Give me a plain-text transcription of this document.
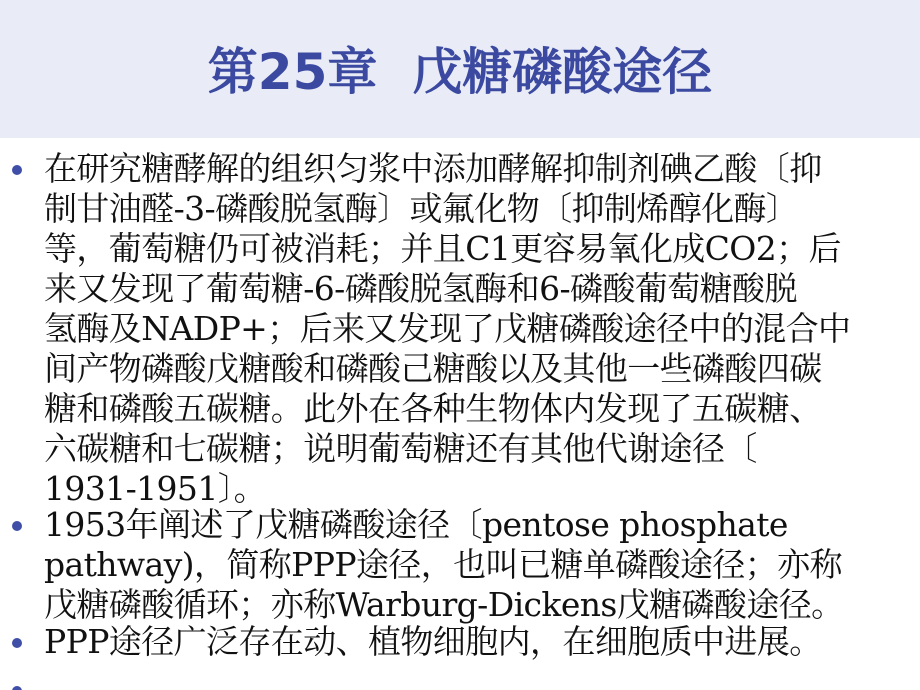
第25章  戊糖磷酸途径
在研究糖酵解的组织匀浆中添加酵解抑制剂碘乙酸〔抑
制甘油醛-3-磷酸脱氢酶〕或氟化物〔抑制烯醇化酶〕
等，葡萄糖仍可被消耗；并且C1更容易氧化成CO2；后
来又发现了葡萄糖-6-磷酸脱氢酶和6-磷酸葡萄糖酸脱
氢酶及NADP+；后来又发现了戊糖磷酸途径中的混合中
间产物磷酸戊糖酸和磷酸己糖酸以及其他一些磷酸四碳
糖和磷酸五碳糖。此外在各种生物体内发现了五碳糖、
六碳糖和七碳糖；说明葡萄糖还有其他代谢途径〔
1931-1951〕。
1953年阐述了戊糖磷酸途径〔pentose phosphate
pathway)，简称PPP途径，也叫已糖单磷酸途径；亦称
戊糖磷酸循环；亦称Warburg-Dickens戊糖磷酸途径。
PPP途径广泛存在动、植物细胞内，在细胞质中进展。
